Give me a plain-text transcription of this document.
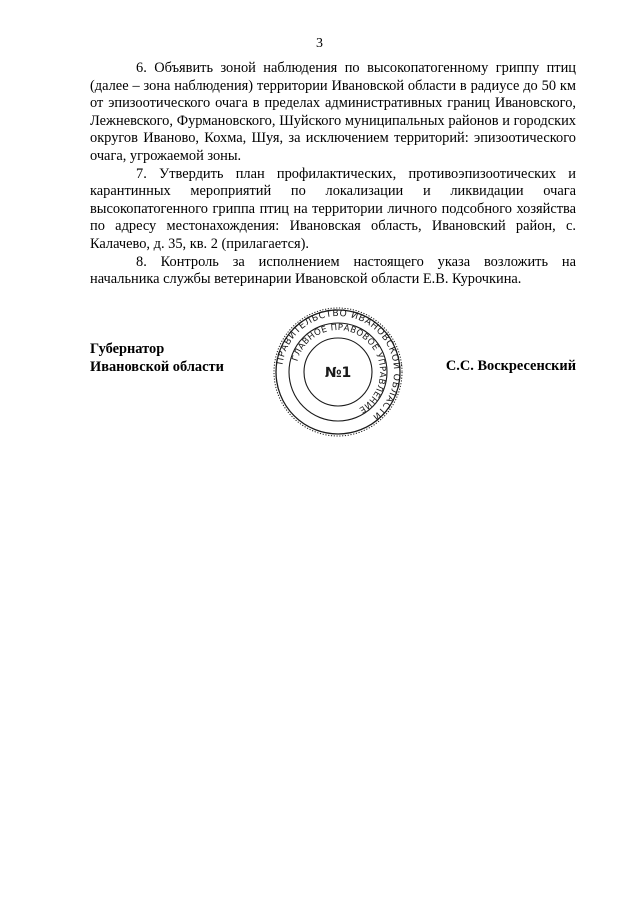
3

6. Объявить зоной наблюдения по высокопатогенному гриппу птиц (далее – зона наблюдения) территории Ивановской области в радиусе до 50 км от эпизоотического очага в пределах административных границ Ивановского, Лежневского, Фурмановского, Шуйского муниципальных районов и городских округов Иваново, Кохма, Шуя, за исключением территорий: эпизоотического очага, угрожаемой зоны.

7. Утвердить план профилактических, противоэпизоотических и карантинных мероприятий по локализации и ликвидации очага высокопатогенного гриппа птиц на территории личного подсобного хозяйства по адресу местонахождения: Ивановская область, Ивановский район, с. Калачево, д. 35, кв. 2 (прилагается).

8. Контроль за исполнением настоящего указа возложить на начальника службы ветеринарии Ивановской области Е.В. Курочкина.

Губернатор
Ивановской области	ПРАВИТЕЛЬСТВО ИВАНОВСКОЙ ОБЛАСТИ
ГЛАВНОЕ ПРАВОВОЕ УПРАВЛЕНИЕ
№1	С.С. Воскресенский
